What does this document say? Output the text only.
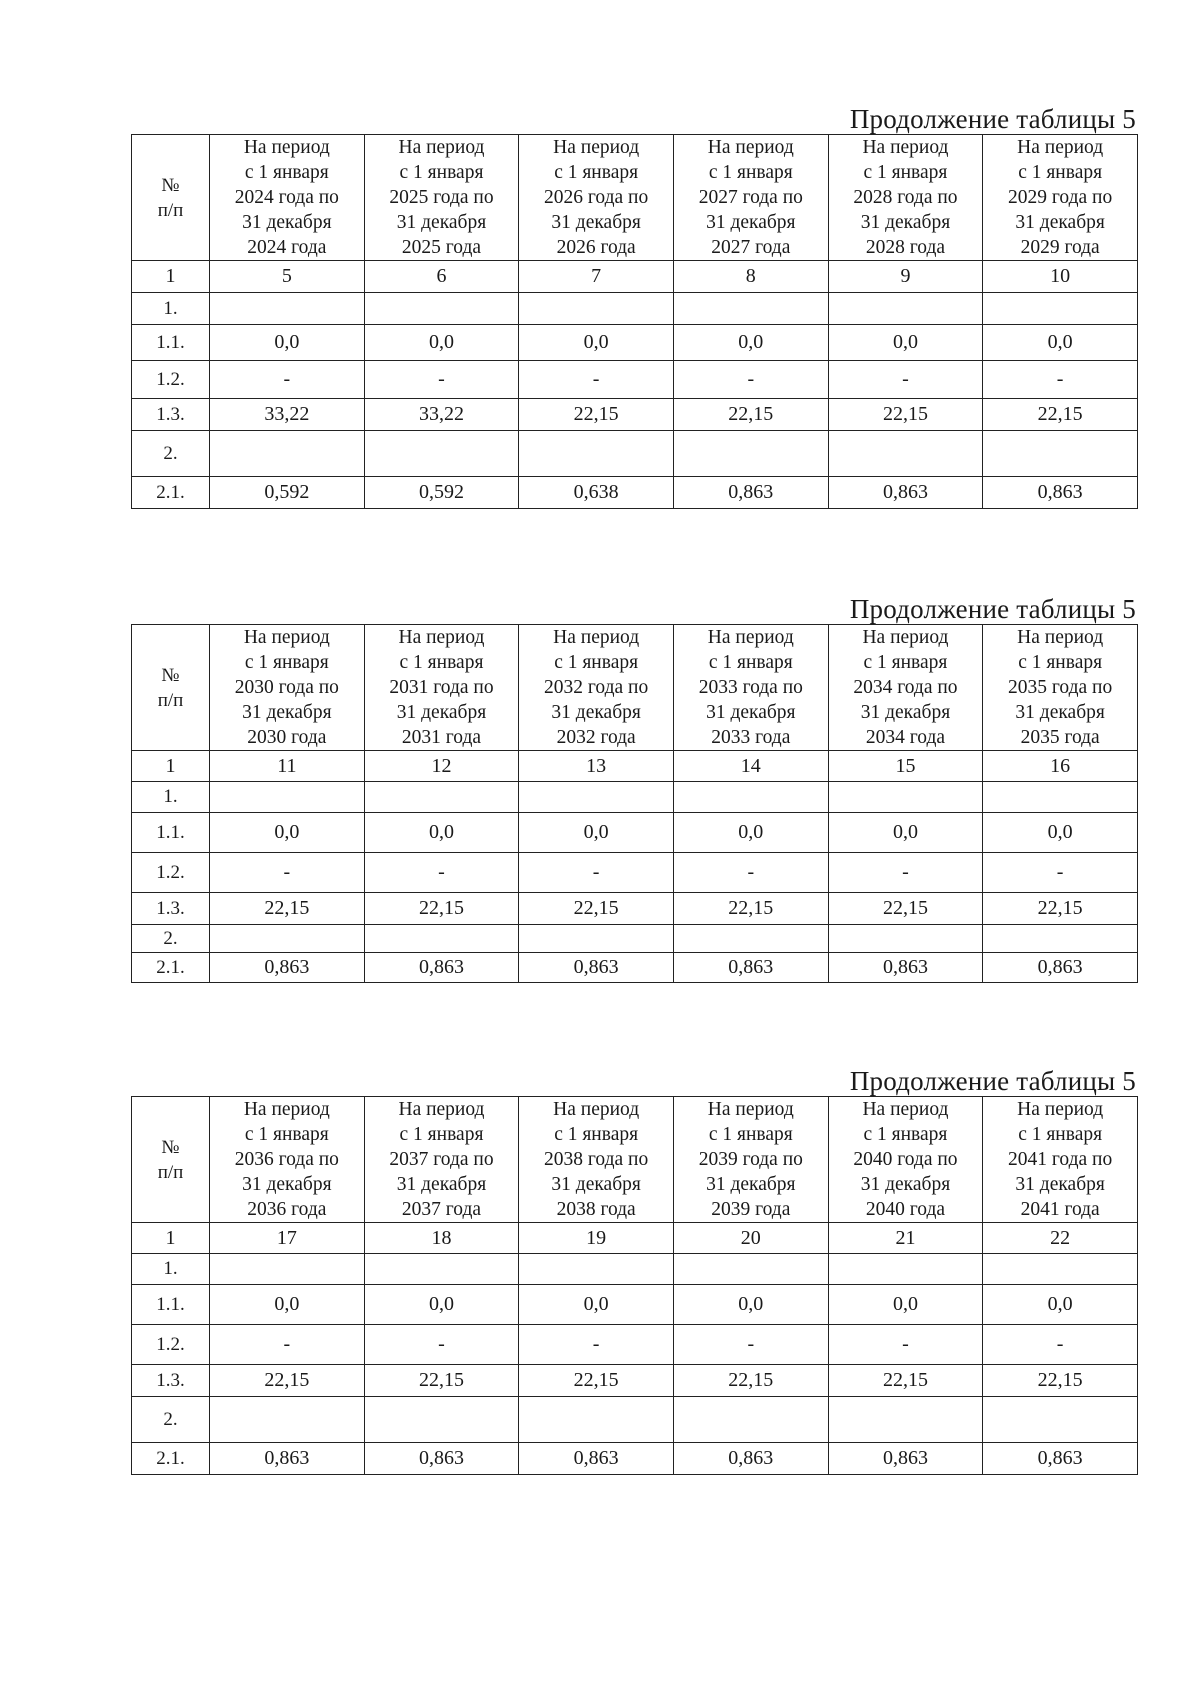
Продолжение таблицы 5
№
п/п	На период
с 1 января
2024 года по
31 декабря
2024 года	На период
с 1 января
2025 года по
31 декабря
2025 года	На период
с 1 января
2026 года по
31 декабря
2026 года	На период
с 1 января
2027 года по
31 декабря
2027 года	На период
с 1 января
2028 года по
31 декабря
2028 года	На период
с 1 января
2029 года по
31 декабря
2029 года
1	5	6	7	8	9	10
1.						
1.1.	0,0	0,0	0,0	0,0	0,0	0,0
1.2.	-	-	-	-	-	-
1.3.	33,22	33,22	22,15	22,15	22,15	22,15
2.						
2.1.	0,592	0,592	0,638	0,863	0,863	0,863
Продолжение таблицы 5
№
п/п	На период
с 1 января
2030 года по
31 декабря
2030 года	На период
с 1 января
2031 года по
31 декабря
2031 года	На период
с 1 января
2032 года по
31 декабря
2032 года	На период
с 1 января
2033 года по
31 декабря
2033 года	На период
с 1 января
2034 года по
31 декабря
2034 года	На период
с 1 января
2035 года по
31 декабря
2035 года
1	11	12	13	14	15	16
1.						
1.1.	0,0	0,0	0,0	0,0	0,0	0,0
1.2.	-	-	-	-	-	-
1.3.	22,15	22,15	22,15	22,15	22,15	22,15
2.						
2.1.	0,863	0,863	0,863	0,863	0,863	0,863
Продолжение таблицы 5
№
п/п	На период
с 1 января
2036 года по
31 декабря
2036 года	На период
с 1 января
2037 года по
31 декабря
2037 года	На период
с 1 января
2038 года по
31 декабря
2038 года	На период
с 1 января
2039 года по
31 декабря
2039 года	На период
с 1 января
2040 года по
31 декабря
2040 года	На период
с 1 января
2041 года по
31 декабря
2041 года
1	17	18	19	20	21	22
1.						
1.1.	0,0	0,0	0,0	0,0	0,0	0,0
1.2.	-	-	-	-	-	-
1.3.	22,15	22,15	22,15	22,15	22,15	22,15
2.						
2.1.	0,863	0,863	0,863	0,863	0,863	0,863
